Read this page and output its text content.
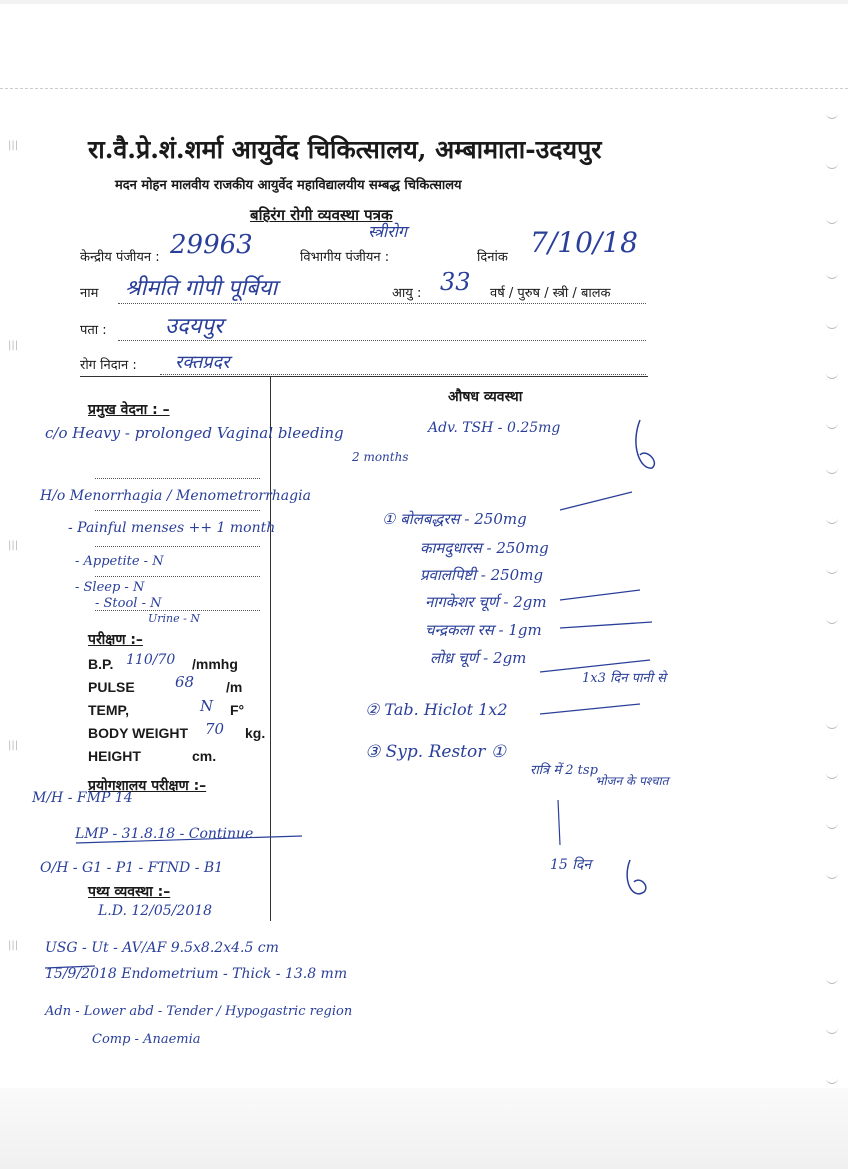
|||
|||
|||
|||
|||
रा.वै.प्रे.शं.शर्मा आयुर्वेद चिकित्सालय, अम्बामाता-उदयपुर
मदन मोहन मालवीय राजकीय आयुर्वेद महाविद्यालयीय सम्बद्ध चिकित्सालय
बहिरंग रोगी व्यवस्था पत्रक
स्त्रीरोग
केन्द्रीय पंजीयन : 29963	विभागीय पंजीयन :	दिनांक 7/10/18
नाम श्रीमति गोपी पूर्बिया	आयु : 33 वर्ष / पुरुष / स्त्री / बालक
पता :	उदयपुर
रोग निदान : रक्तप्रदर
प्रमुख वेदना : –
c/o Heavy - prolonged Vaginal bleeding
2 months
H/o Menorrhagia / Menometrorrhagia
- Painful menses ++ 1 month
- Appetite - N
- Sleep - N
- Stool - N
Urine - N
परीक्षण :–
B.P. 110/70 /mmhg
PULSE	68 /m
TEMP,	N F°
BODY WEIGHT 70 kg.
HEIGHT	cm.
प्रयोगशालय परीक्षण :–
M/H - FMP 14
LMP - 31.8.18 - Continue
O/H - G1 - P1 - FTND - B1
पथ्य व्यवस्था :–
L.D. 12/05/2018
औषध व्यवस्था
Adv. TSH - 0.25mg
① बोलबद्धरस - 250mg
कामदुधारस - 250mg
प्रवालपिष्टी - 250mg
नागकेशर चूर्ण - 2gm
चन्द्रकला रस - 1gm
लोध्र चूर्ण - 2gm
1x3 दिन पानी से
② Tab. Hiclot 1x2
③ Syp. Restor ①
रात्रि में 2 tsp
भोजन के पश्चात
15 दिन
USG - Ut - AV/AF 9.5x8.2x4.5 cm
15/9/2018 Endometrium - Thick - 13.8 mm
Adn - Lower abd - Tender / Hypogastric region
Comp - Anaemia
